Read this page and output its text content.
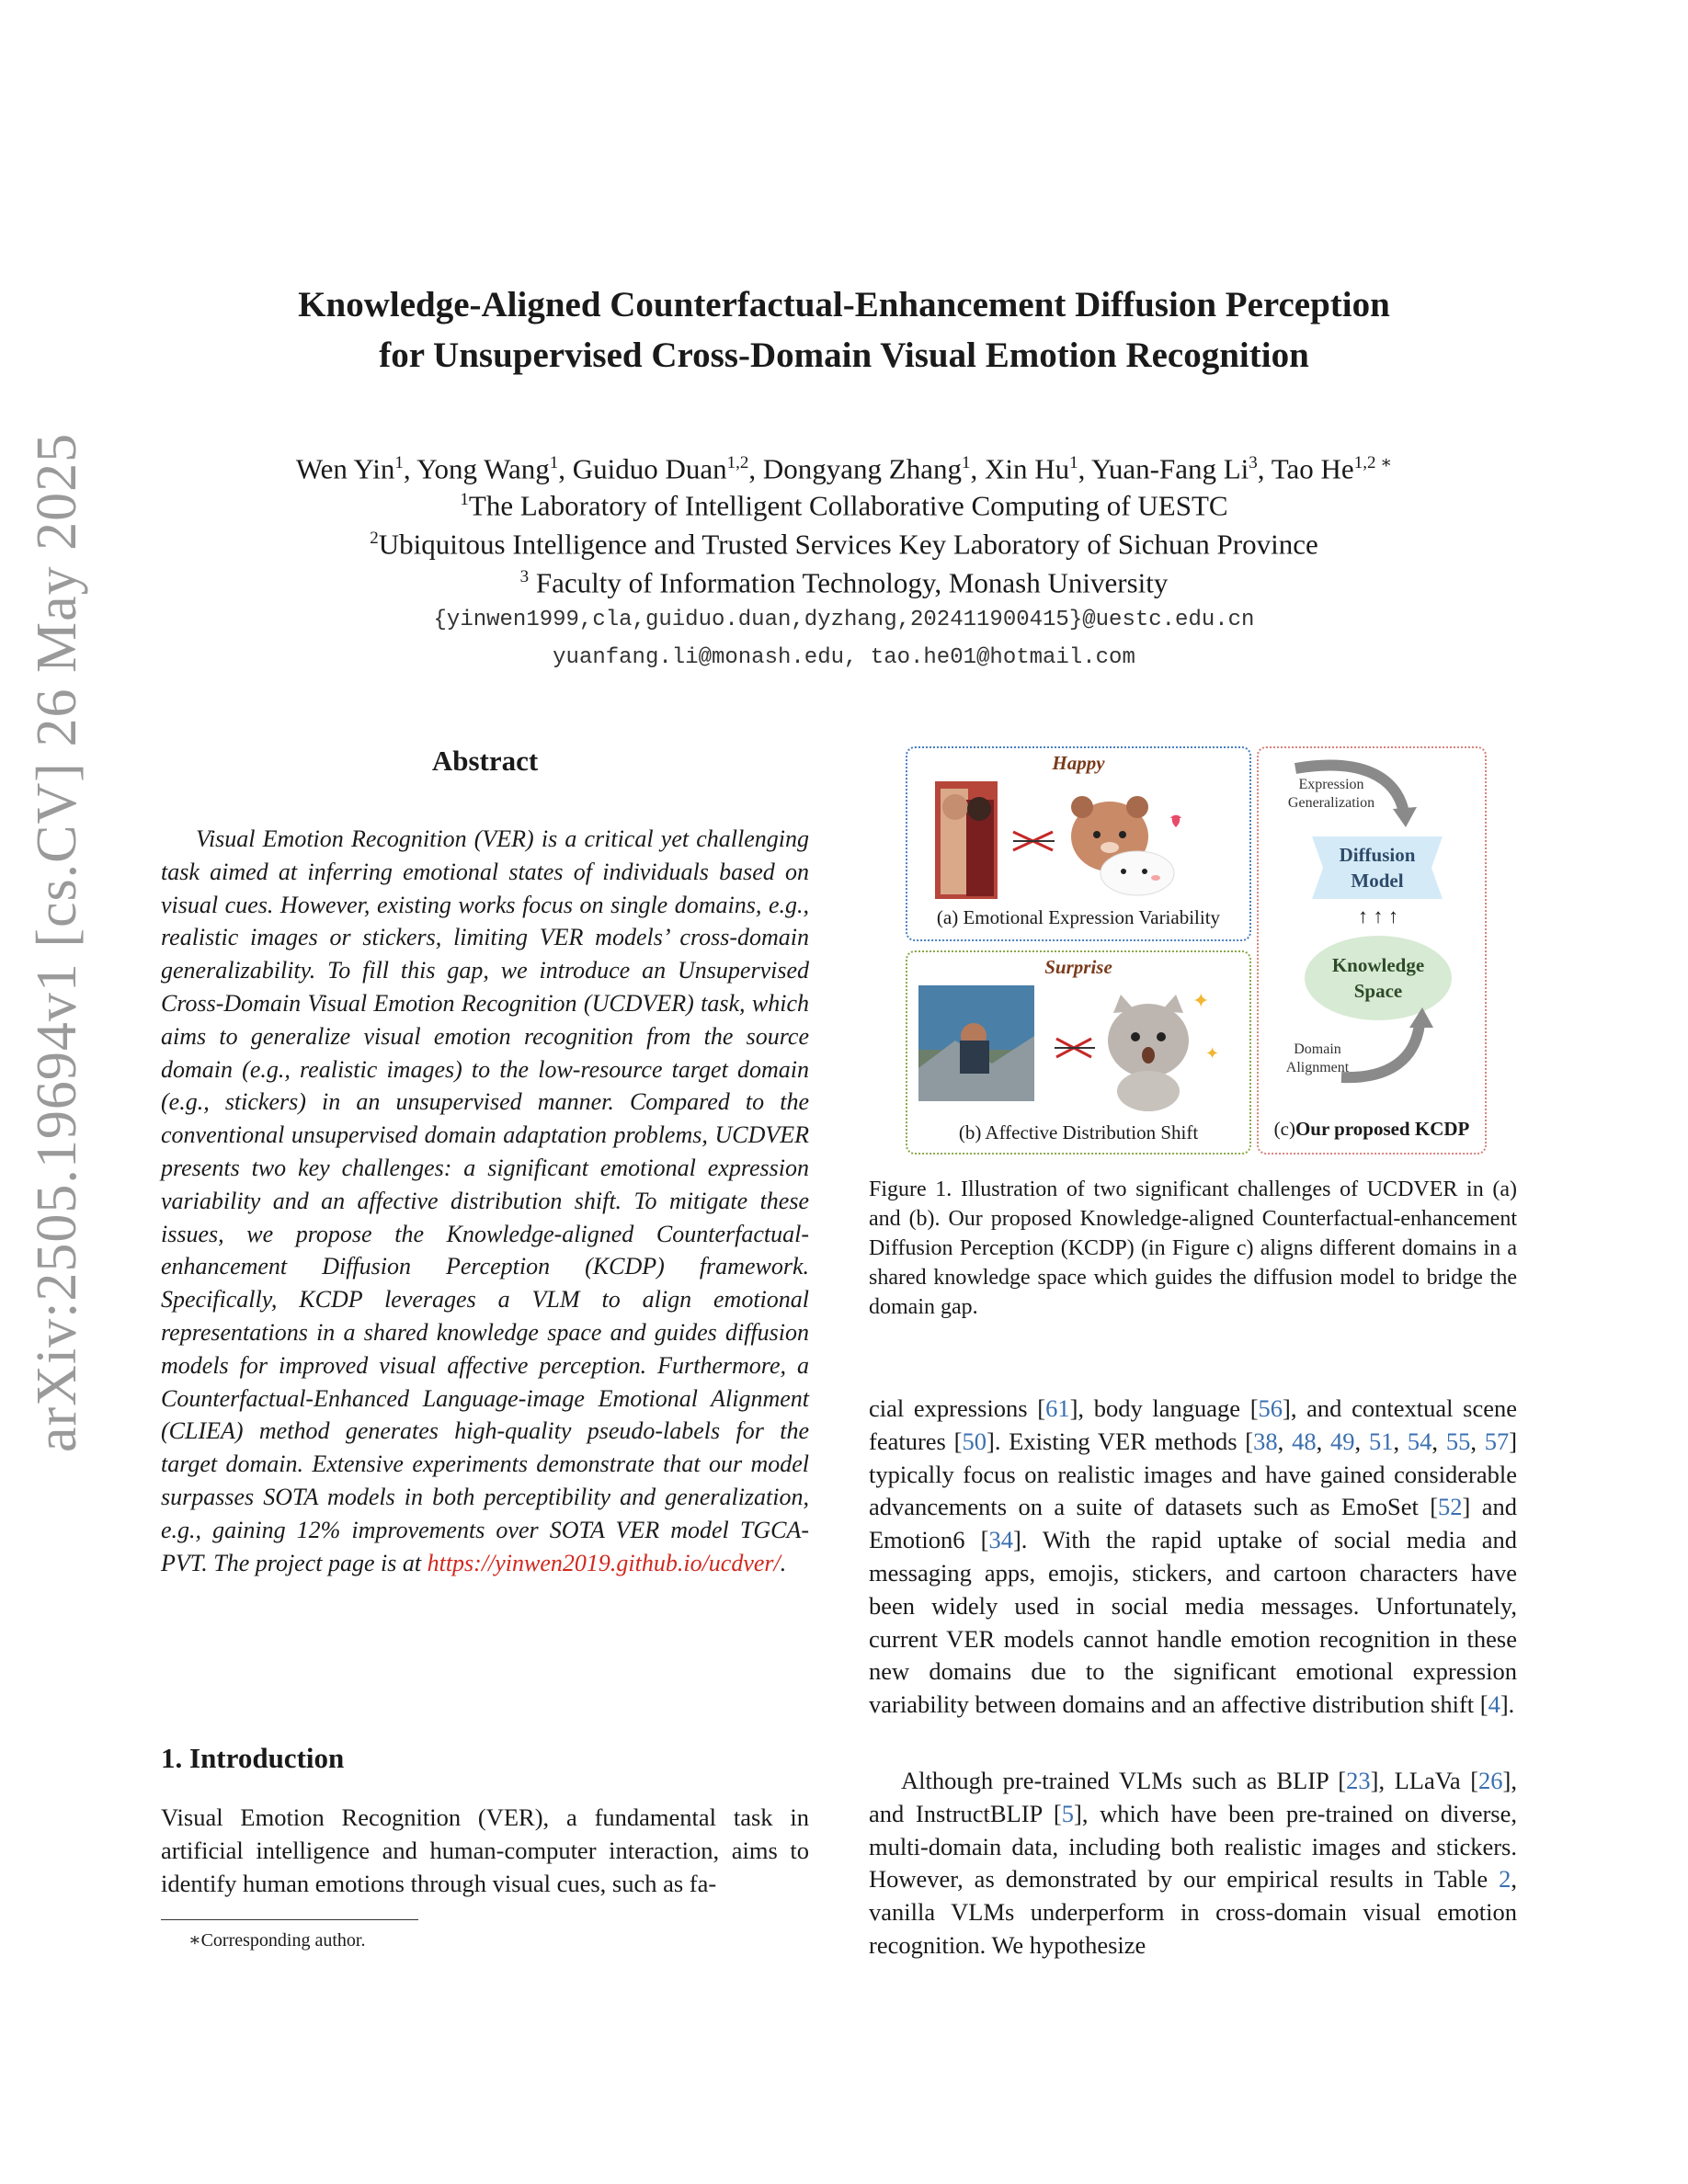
arXiv:2505.19694v1 [cs.CV] 26 May 2025
Knowledge-Aligned Counterfactual-Enhancement Diffusion Perception
for Unsupervised Cross-Domain Visual Emotion Recognition
Wen Yin$^1$, Yong Wang$^1$, Guiduo Duan$^{1,2}$, Dongyang Zhang$^1$, Xin Hu$^1$, Yuan-Fang Li$^3$, Tao $He^{1,2 ∗}$
$^1$The Laboratory of Intelligent Collaborative Computing of UESTC
$^2$Ubiquitous Intelligence and Trusted Services Key Laboratory of Sichuan Province
$^3$ Faculty of Information Technology, Monash University
{yinwen1999,cla,guiduo.duan,dyzhang,202411900415}@uestc.edu.cn
yuanfang.li@monash.edu, tao.he01@hotmail.com
Abstract
Visual Emotion Recognition (VER) is a critical yet challenging task aimed at inferring emotional states of individuals based on visual cues. However, existing works focus on single domains, e.g., realistic images or stickers, limiting VER models’ cross-domain generalizability. To fill this gap, we introduce an Unsupervised Cross-Domain Visual Emotion Recognition (UCDVER) task, which aims to generalize visual emotion recognition from the source domain (e.g., realistic images) to the low-resource target domain (e.g., stickers) in an unsupervised manner. Compared to the conventional unsupervised domain adaptation problems, UCDVER presents two key challenges: a significant emotional expression variability and an affective distribution shift. To mitigate these issues, we propose the Knowledge-aligned Counterfactual-enhancement Diffusion Perception (KCDP) framework. Specifically, KCDP leverages a VLM to align emotional representations in a shared knowledge space and guides diffusion models for improved visual affective perception. Furthermore, a Counterfactual-Enhanced Language-image Emotional Alignment (CLIEA) method generates high-quality pseudo-labels for the target domain. Extensive experiments demonstrate that our model surpasses SOTA models in both perceptibility and generalization, e.g., gaining 12% improvements over SOTA VER model TGCA-PVT. The project page is at https://yinwen2019.github.io/ucdver/.
1. Introduction
Visual Emotion Recognition (VER), a fundamental task in artificial intelligence and human-computer interaction, aims to identify human emotions through visual cues, such as fa-
∗Corresponding author.
Happy
(a) Emotional Expression Variability
Surprise
✦
✦
(b) Affective Distribution Shift
Expression
Generalization
Diffusion
Model
↑ ↑ ↑
Knowledge
Space
Domain
Alignment
(c)Our proposed KCDP
Figure 1. Illustration of two significant challenges of UCDVER in (a) and (b). Our proposed Knowledge-aligned Counterfactual-enhancement Diffusion Perception (KCDP) (in Figure c) aligns different domains in a shared knowledge space which guides the diffusion model to bridge the domain gap.
cial expressions [61], body language [56], and contextual scene features [50]. Existing VER methods [38, 48, 49, 51, 54, 55, 57] typically focus on realistic images and have gained considerable advancements on a suite of datasets such as EmoSet [52] and Emotion6 [34]. With the rapid uptake of social media and messaging apps, emojis, stickers, and cartoon characters have been widely used in social media messages. Unfortunately, current VER models cannot handle emotion recognition in these new domains due to the significant emotional expression variability between domains and an affective distribution shift [4].
Although pre-trained VLMs such as BLIP [23], LLaVa [26], and InstructBLIP [5], which have been pre-trained on diverse, multi-domain data, including both realistic images and stickers. However, as demonstrated by our empirical results in Table 2, vanilla VLMs underperform in cross-domain visual emotion recognition. We hypothesize
